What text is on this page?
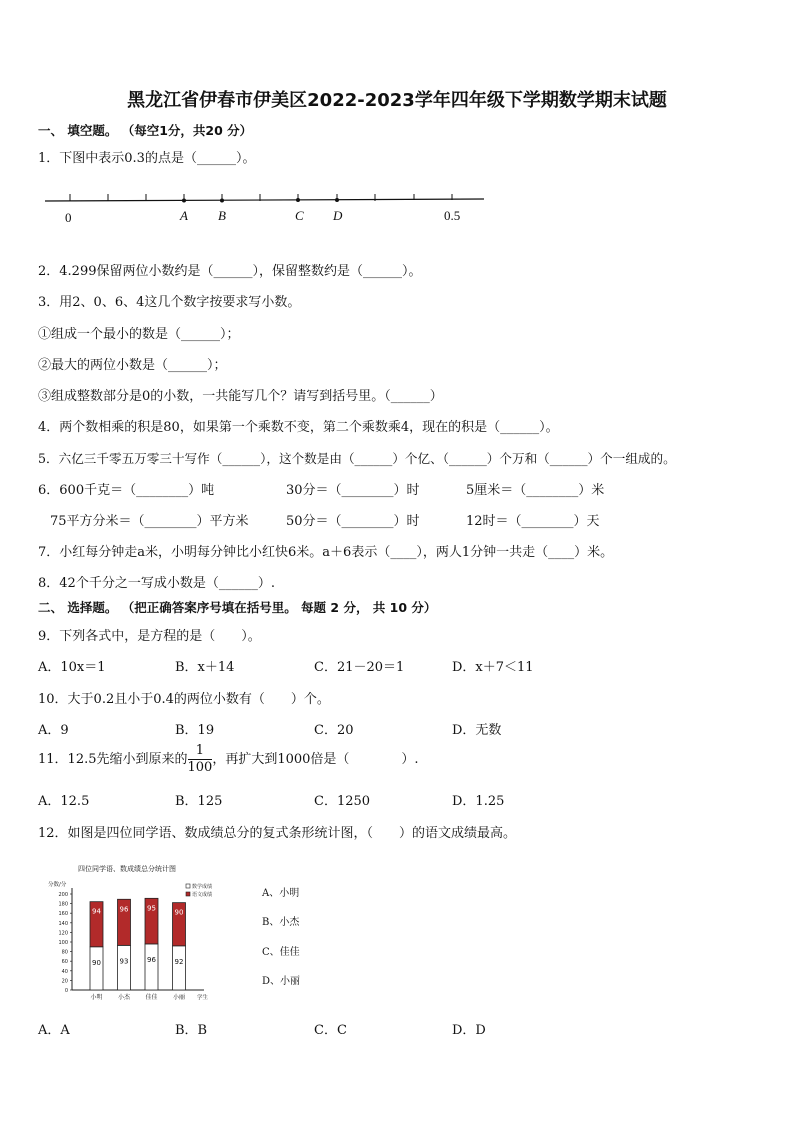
黑龙江省伊春市伊美区2022-2023学年四年级下学期数学期末试题
一、 填空题。 （每空1分，共20 分）
1．下图中表示0.3的点是（______）。
0	A B	C D	0.5
2．4.299保留两位小数约是（______），保留整数约是（______）。
3．用2、0、6、4这几个数字按要求写小数。
①组成一个最小的数是（______）；
②最大的两位小数是（______）；
③组成整数部分是0的小数，一共能写几个？请写到括号里。（______）
4．两个数相乘的积是80，如果第一个乘数不变，第二个乘数乘4，现在的积是（______）。
5．六亿三千零五万零三十写作（______），这个数是由（______）个亿、（______）个万和（______）个一组成的。
6．600千克＝（________）吨	30分＝（________）时	5厘米＝（________）米
75平方分米＝（________）平方米	50分＝（________）时	12时＝（________）天
7．小红每分钟走a米，小明每分钟比小红快6米。a＋6表示（____），两人1分钟一共走（____）米。
8．42个千分之一写成小数是（______）.
二、 选择题。 （把正确答案序号填在括号里。 每题 2 分， 共 10 分）
9．下列各式中，是方程的是（　　）。
A．10x＝1	B．x＋14	C．21－20＝1	D．x＋7＜11
10．大于0.2且小于0.4的两位小数有（　　）个。
A．9	B．19	C．20	D．无数
11．12.5先缩小到原来的 $\frac{1}{100}$ ，再扩大到1000倍是（　　　　）.
A．12.5	B．125	C．1250	D．1.25
12．如图是四位同学语、数成绩总分的复式条形统计图，（　　）的语文成绩最高。
四位同学语、数成绩总分统计图
分数/分
0
20
40
60
80
100
120
140
160
180
200
90
94
小明
93
96
小杰
96
95
佳佳
92
90
小丽 学生
数学成绩
语文成绩	A、小明
B、小杰
C、佳佳
D、小丽
A．A	B．B	C．C	D．D
